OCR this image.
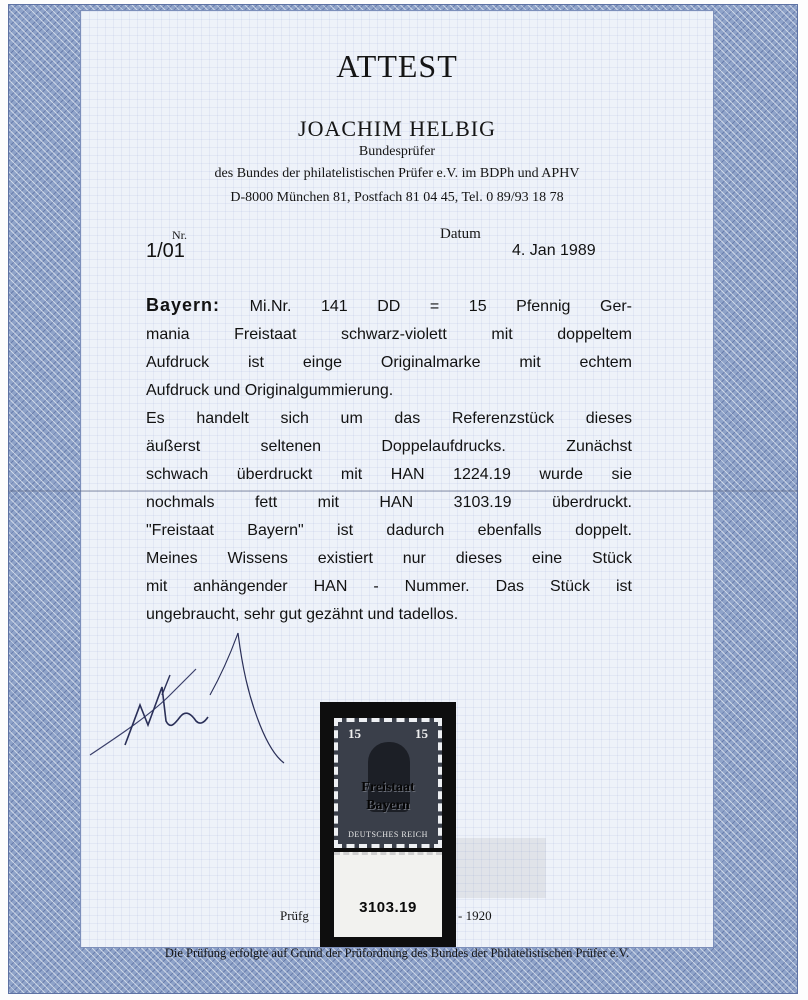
ATTEST
JOACHIM HELBIG
Bundesprüfer
des Bundes der philatelistischen Prüfer e.V. im BDPh und APHV
D-8000 München 81, Postfach 81 04 45, Tel. 0 89/93 18 78
Nr.
1/01
Datum
4. Jan 1989
Bayern: Mi.Nr. 141 DD = 15 Pfennig Ger-
mania Freistaat schwarz-violett mit doppeltem
Aufdruck ist einge Originalmarke mit echtem
Aufdruck und Originalgummierung.
Es handelt sich um das Referenzstück dieses
äußerst seltenen Doppelaufdrucks. Zunächst
schwach überdruckt mit HAN 1224.19 wurde sie
nochmals fett mit HAN 3103.19 überdruckt.
"Freistaat Bayern" ist dadurch ebenfalls doppelt.
Meines Wissens existiert nur dieses eine Stück
mit anhängender HAN - Nummer. Das Stück ist
ungebraucht, sehr gut gezähnt und tadellos.
15	15
Freistaat
Bayern
DEUTSCHES REICH
3103.19
Prüfg	- 1920
Die Prüfung erfolgte auf Grund der Prüfordnung des Bundes der Philatelistischen Prüfer e.V.
